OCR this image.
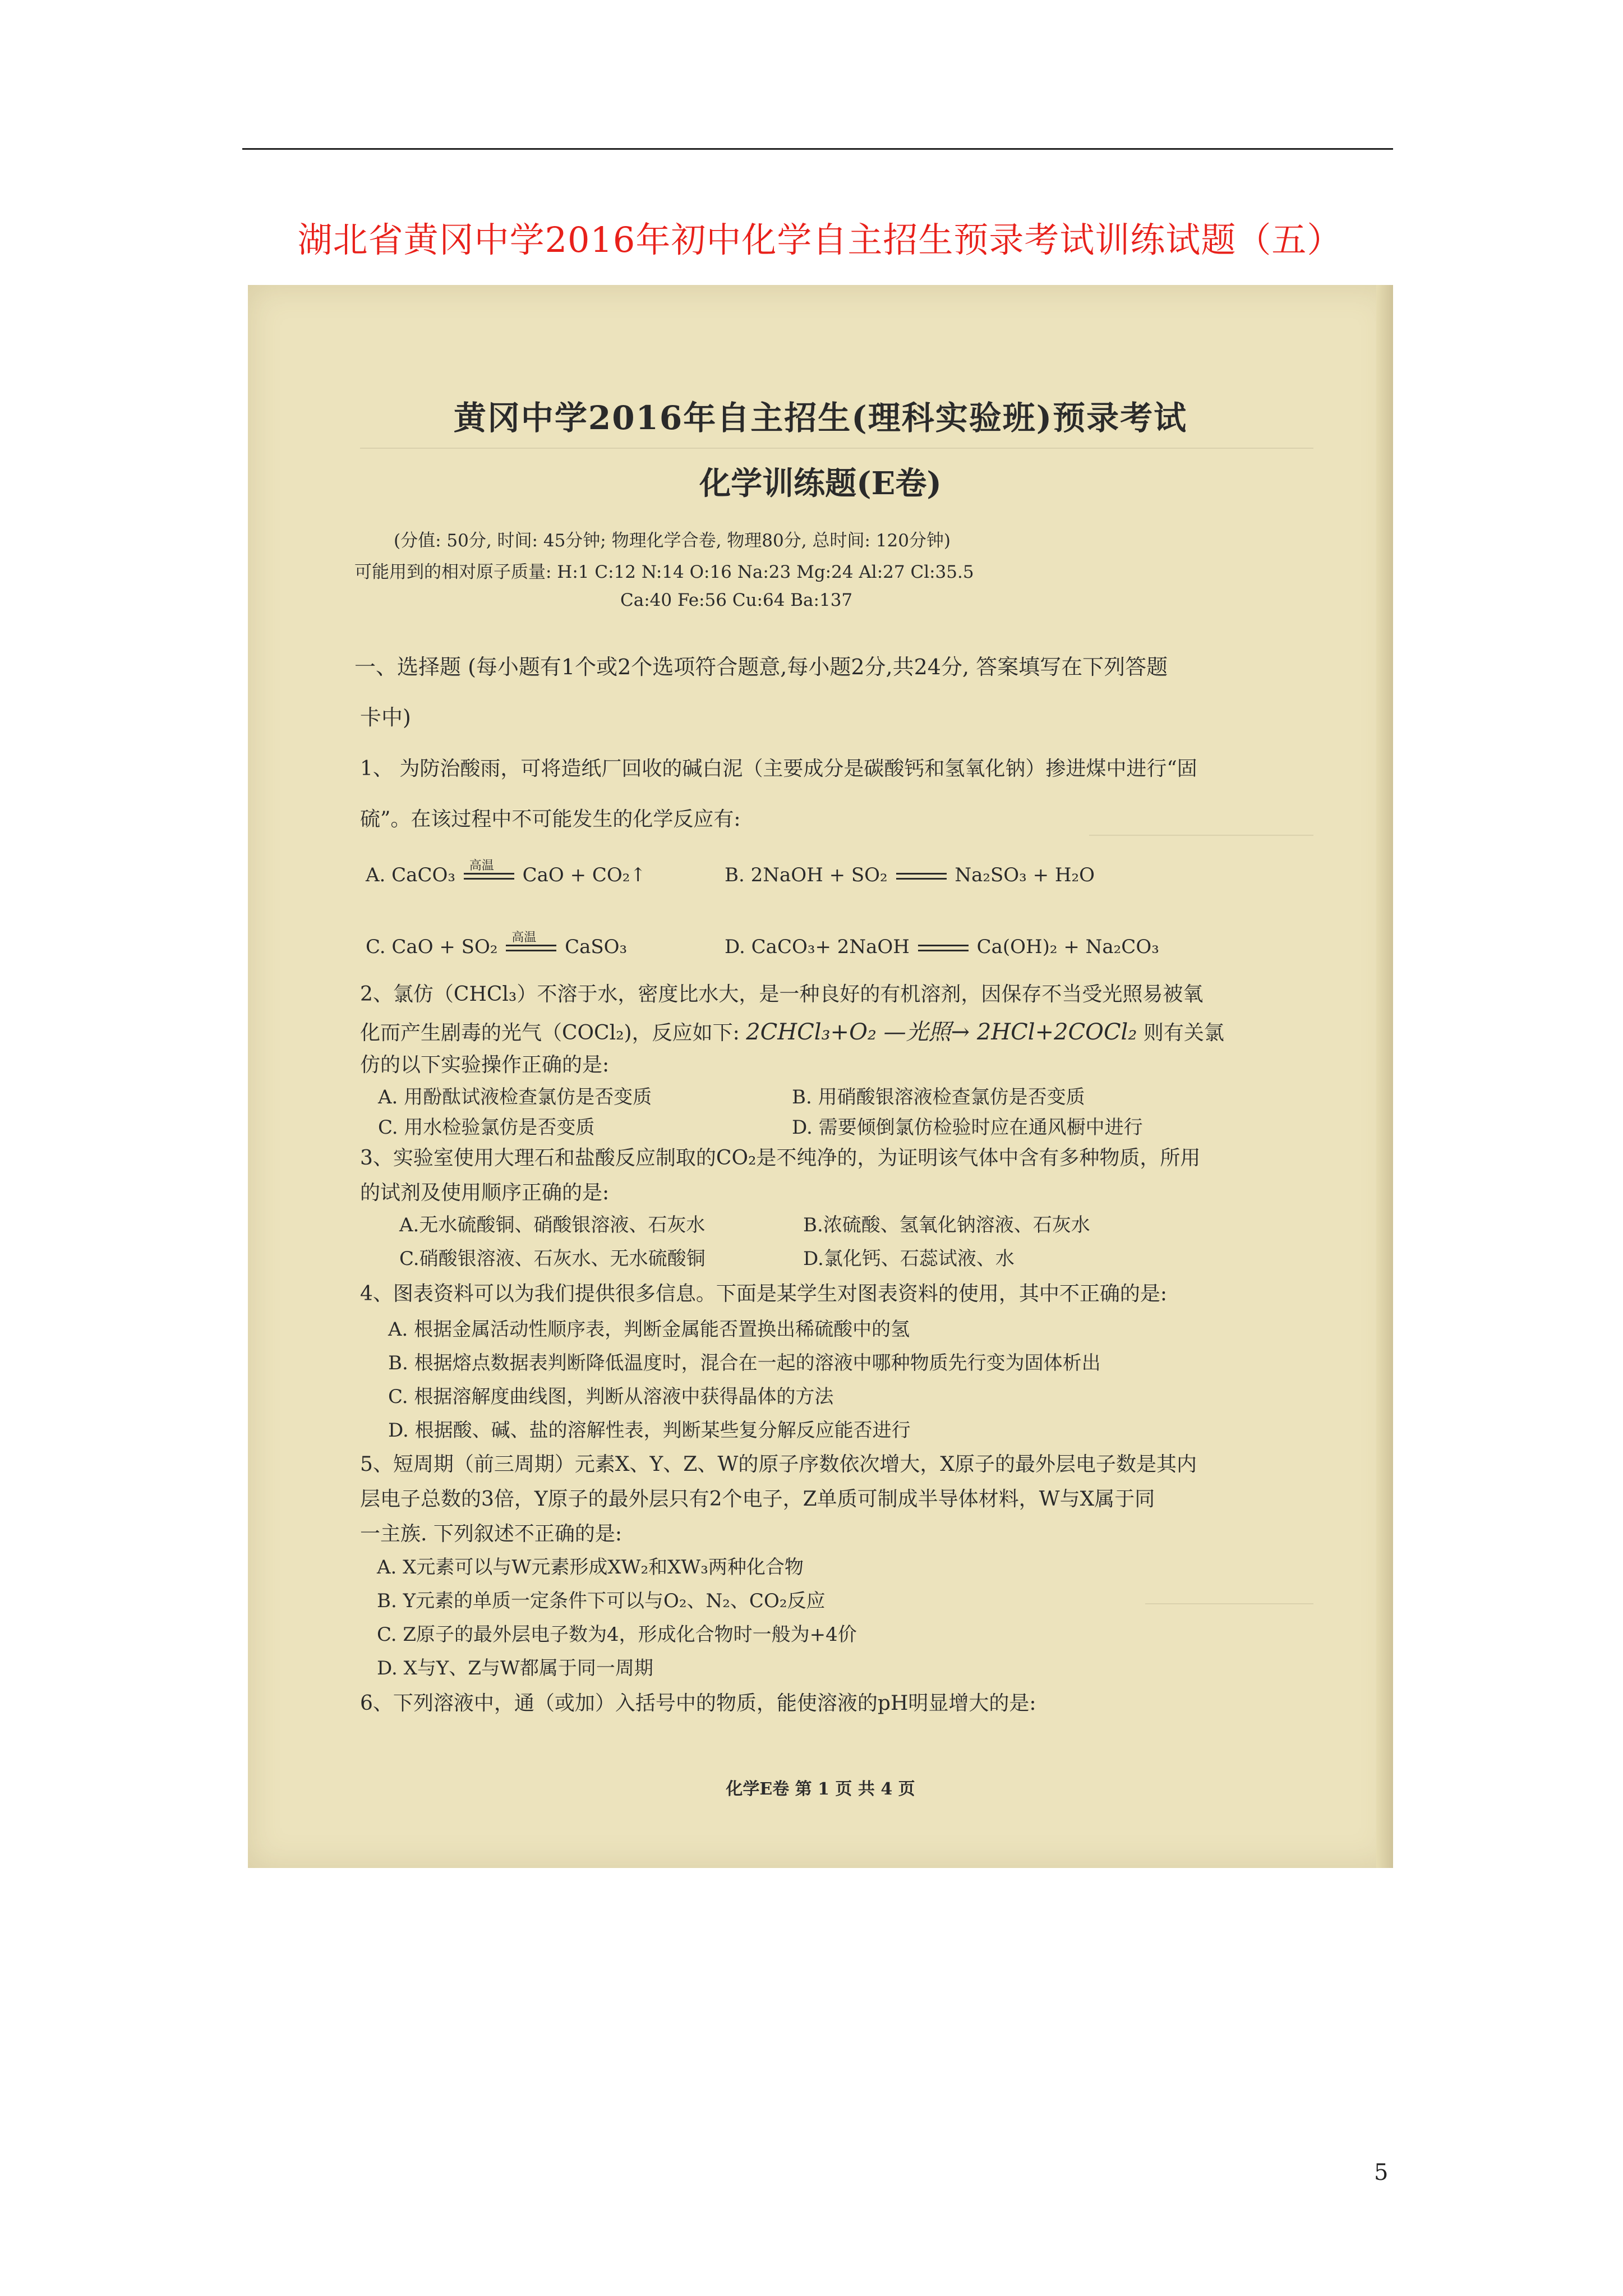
湖北省黄冈中学2016年初中化学自主招生预录考试训练试题（五）
黄冈中学2016年自主招生(理科实验班)预录考试
化学训练题(E卷)
(分值: 50分, 时间: 45分钟; 物理化学合卷, 物理80分, 总时间: 120分钟)
可能用到的相对原子质量: H:1 C:12 N:14 O:16 Na:23 Mg:24 Al:27 Cl:35.5
Ca:40 Fe:56 Cu:64 Ba:137
一、选择题 (每小题有1个或2个选项符合题意,每小题2分,共24分, 答案填写在下列答题
卡中)
1、 为防治酸雨，可将造纸厂回收的碱白泥（主要成分是碳酸钙和氢氧化钠）掺进煤中进行“固
硫”。在该过程中不可能发生的化学反应有:
A. CaCO₃ 高温 CaO + CO₂↑	B. 2NaOH + SO₂	Na₂SO₃ + H₂O
C. CaO + SO₂ 高温 CaSO₃	D. CaCO₃+ 2NaOH	Ca(OH)₂ + Na₂CO₃
2、氯仿（CHCl₃）不溶于水，密度比水大，是一种良好的有机溶剂，因保存不当受光照易被氧
化而产生剧毒的光气（COCl₂)，反应如下: 2CHCl₃+O₂ —光照→ 2HCl+2COCl₂ 则有关氯
仿的以下实验操作正确的是:
A. 用酚酞试液检查氯仿是否变质	B. 用硝酸银溶液检查氯仿是否变质
C. 用水检验氯仿是否变质	D. 需要倾倒氯仿检验时应在通风橱中进行
3、实验室使用大理石和盐酸反应制取的CO₂是不纯净的，为证明该气体中含有多种物质，所用
的试剂及使用顺序正确的是:
A.无水硫酸铜、硝酸银溶液、石灰水	B.浓硫酸、氢氧化钠溶液、石灰水
C.硝酸银溶液、石灰水、无水硫酸铜	D.氯化钙、石蕊试液、水
4、图表资料可以为我们提供很多信息。下面是某学生对图表资料的使用，其中不正确的是:
A. 根据金属活动性顺序表，判断金属能否置换出稀硫酸中的氢
B. 根据熔点数据表判断降低温度时，混合在一起的溶液中哪种物质先行变为固体析出
C. 根据溶解度曲线图，判断从溶液中获得晶体的方法
D. 根据酸、碱、盐的溶解性表，判断某些复分解反应能否进行
5、短周期（前三周期）元素X、Y、Z、W的原子序数依次增大，X原子的最外层电子数是其内
层电子总数的3倍，Y原子的最外层只有2个电子，Z单质可制成半导体材料，W与X属于同
一主族. 下列叙述不正确的是:
A. X元素可以与W元素形成XW₂和XW₃两种化合物
B. Y元素的单质一定条件下可以与O₂、N₂、CO₂反应
C. Z原子的最外层电子数为4，形成化合物时一般为+4价
D. X与Y、Z与W都属于同一周期
6、下列溶液中，通（或加）入括号中的物质，能使溶液的pH明显增大的是:
化学E卷 第 1 页 共 4 页
5
